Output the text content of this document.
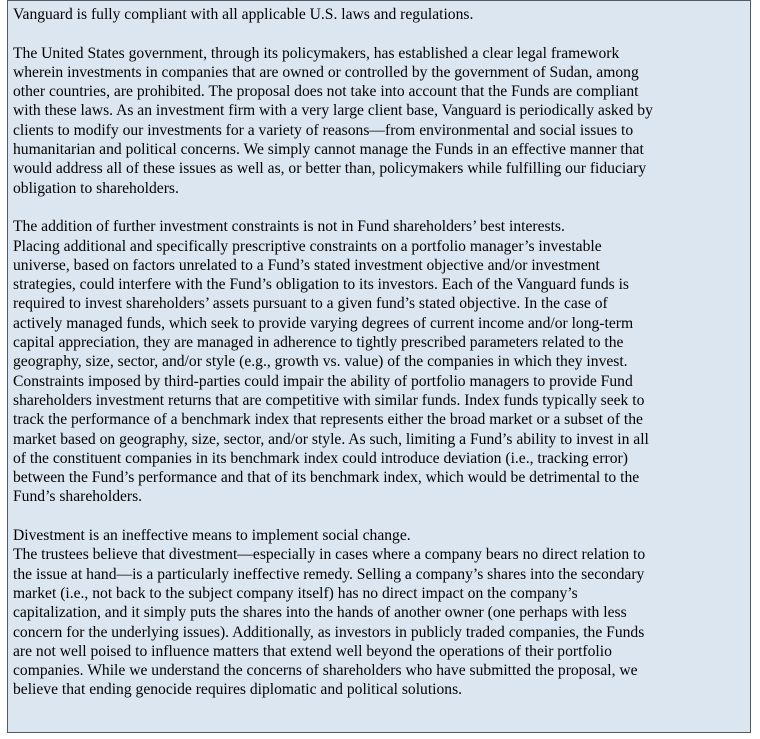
Vanguard is fully compliant with all applicable U.S. laws and regulations.

The United States government, through its policymakers, has established a clear legal framework
wherein investments in companies that are owned or controlled by the government of Sudan, among
other countries, are prohibited. The proposal does not take into account that the Funds are compliant
with these laws. As an investment firm with a very large client base, Vanguard is periodically asked by
clients to modify our investments for a variety of reasons—from environmental and social issues to
humanitarian and political concerns. We simply cannot manage the Funds in an effective manner that
would address all of these issues as well as, or better than, policymakers while fulfilling our fiduciary
obligation to shareholders.

The addition of further investment constraints is not in Fund shareholders’ best interests.
Placing additional and specifically prescriptive constraints on a portfolio manager’s investable
universe, based on factors unrelated to a Fund’s stated investment objective and/or investment
strategies, could interfere with the Fund’s obligation to its investors. Each of the Vanguard funds is
required to invest shareholders’ assets pursuant to a given fund’s stated objective. In the case of
actively managed funds, which seek to provide varying degrees of current income and/or long-term
capital appreciation, they are managed in adherence to tightly prescribed parameters related to the
geography, size, sector, and/or style (e.g., growth vs. value) of the companies in which they invest.
Constraints imposed by third-parties could impair the ability of portfolio managers to provide Fund
shareholders investment returns that are competitive with similar funds. Index funds typically seek to
track the performance of a benchmark index that represents either the broad market or a subset of the
market based on geography, size, sector, and/or style. As such, limiting a Fund’s ability to invest in all
of the constituent companies in its benchmark index could introduce deviation (i.e., tracking error)
between the Fund’s performance and that of its benchmark index, which would be detrimental to the
Fund’s shareholders.

Divestment is an ineffective means to implement social change.
The trustees believe that divestment—especially in cases where a company bears no direct relation to
the issue at hand—is a particularly ineffective remedy. Selling a company’s shares into the secondary
market (i.e., not back to the subject company itself) has no direct impact on the company’s
capitalization, and it simply puts the shares into the hands of another owner (one perhaps with less
concern for the underlying issues). Additionally, as investors in publicly traded companies, the Funds
are not well poised to influence matters that extend well beyond the operations of their portfolio
companies. While we understand the concerns of shareholders who have submitted the proposal, we
believe that ending genocide requires diplomatic and political solutions.
